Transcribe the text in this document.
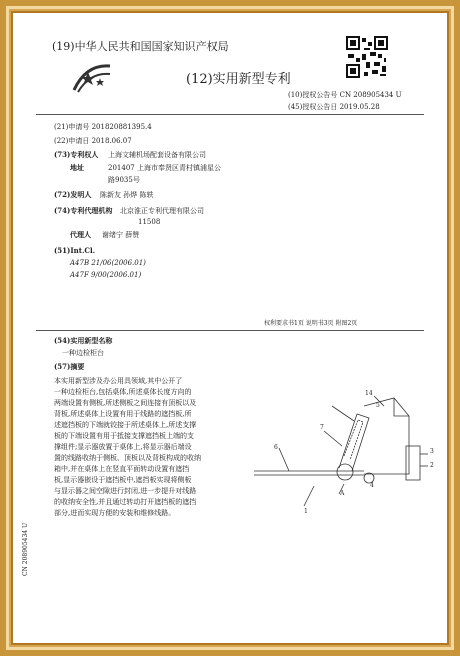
(19)中华人民共和国国家知识产权局
(12)实用新型专利
(10)授权公告号 CN 208905434 U
(45)授权公告日 2019.05.28
(21)申请号 201820881395.4
(22)申请日 2018.06.07
(73)专利权人 上海文辅机场配套设备有限公司
地址	201407 上海市奉贤区青村镇浦星公
路9035号
(72)发明人 陈新友 孙烨 陈轶
(74)专利代理机构 北京淮正专利代理有限公司
11508
代理人 谢绪宁 薛赞
(51)Int.Cl.
A47B 21/06(2006.01)
A47F 9/00(2006.01)
权利要求书1页 说明书3页 附图2页
(54)实用新型名称
一种边检柜台
(57)摘要
本实用新型涉及办公用具领域,其中公开了
一种边检柜台,包括桌体,所述桌体长度方向的
两端设置有侧板,所述侧板之间连接有顶板以及
背板,所述桌体上设置有用于线路的遮挡板,所
述遮挡板的下端就铰接于所述桌体上,所述支撑
板的下端设置有用于抵接支撑遮挡板上端的支
撑组件;显示器放置于桌体上,将显示器后端设
置的线路收纳于侧板、顶板以及背板构成的收纳
箱中,并在桌体上在竖直平面转动设置有遮挡
板,显示器嵌设于遮挡板中,遮挡板实现将侧板
与显示器之间空隙进行封闭,进一步提升对线路
的收纳安全性,并且通过转动打开遮挡板的遮挡
部分,进而实现方便的安装和维修线路。
CN 208905434 U
14
5
7
6
3
2
4
1
A
